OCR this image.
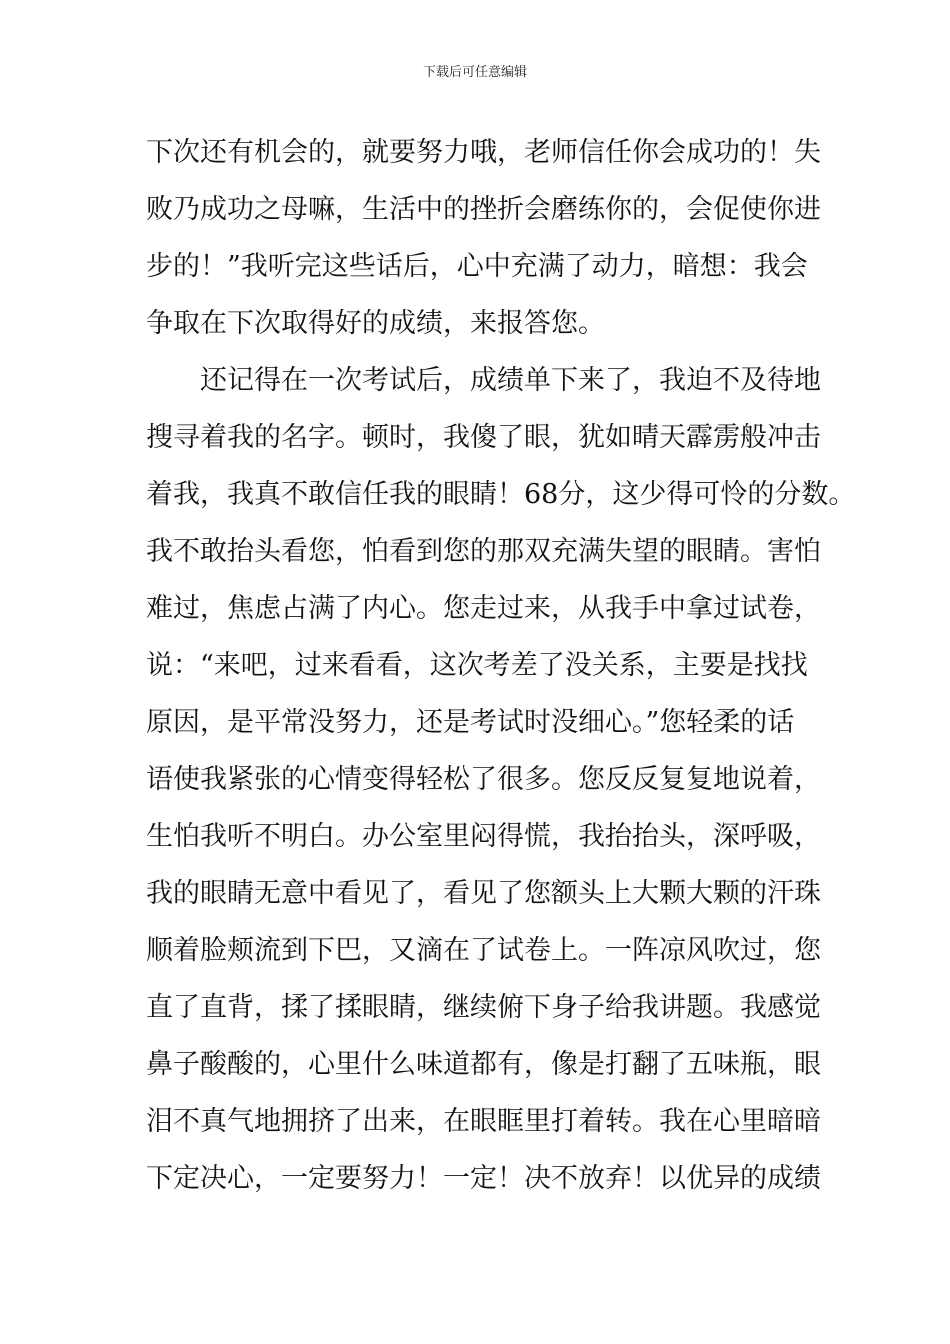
下载后可任意编辑
下次还有机会的，就要努力哦，老师信任你会成功的！失
败乃成功之母嘛，生活中的挫折会磨练你的，会促使你进
步的！”我听完这些话后，心中充满了动力，暗想：我会
争取在下次取得好的成绩，来报答您。
还记得在一次考试后，成绩单下来了，我迫不及待地
搜寻着我的名字。顿时，我傻了眼，犹如晴天霹雳般冲击
着我，我真不敢信任我的眼睛！68分，这少得可怜的分数。
我不敢抬头看您，怕看到您的那双充满失望的眼睛。害怕
难过，焦虑占满了内心。您走过来，从我手中拿过试卷，
说：“来吧，过来看看，这次考差了没关系，主要是找找
原因，是平常没努力，还是考试时没细心。”您轻柔的话
语使我紧张的心情变得轻松了很多。您反反复复地说着，
生怕我听不明白。办公室里闷得慌，我抬抬头，深呼吸，
我的眼睛无意中看见了，看见了您额头上大颗大颗的汗珠
顺着脸颊流到下巴，又滴在了试卷上。一阵凉风吹过，您
直了直背，揉了揉眼睛，继续俯下身子给我讲题。我感觉
鼻子酸酸的，心里什么味道都有，像是打翻了五味瓶，眼
泪不真气地拥挤了出来，在眼眶里打着转。我在心里暗暗
下定决心，一定要努力！一定！决不放弃！以优异的成绩
